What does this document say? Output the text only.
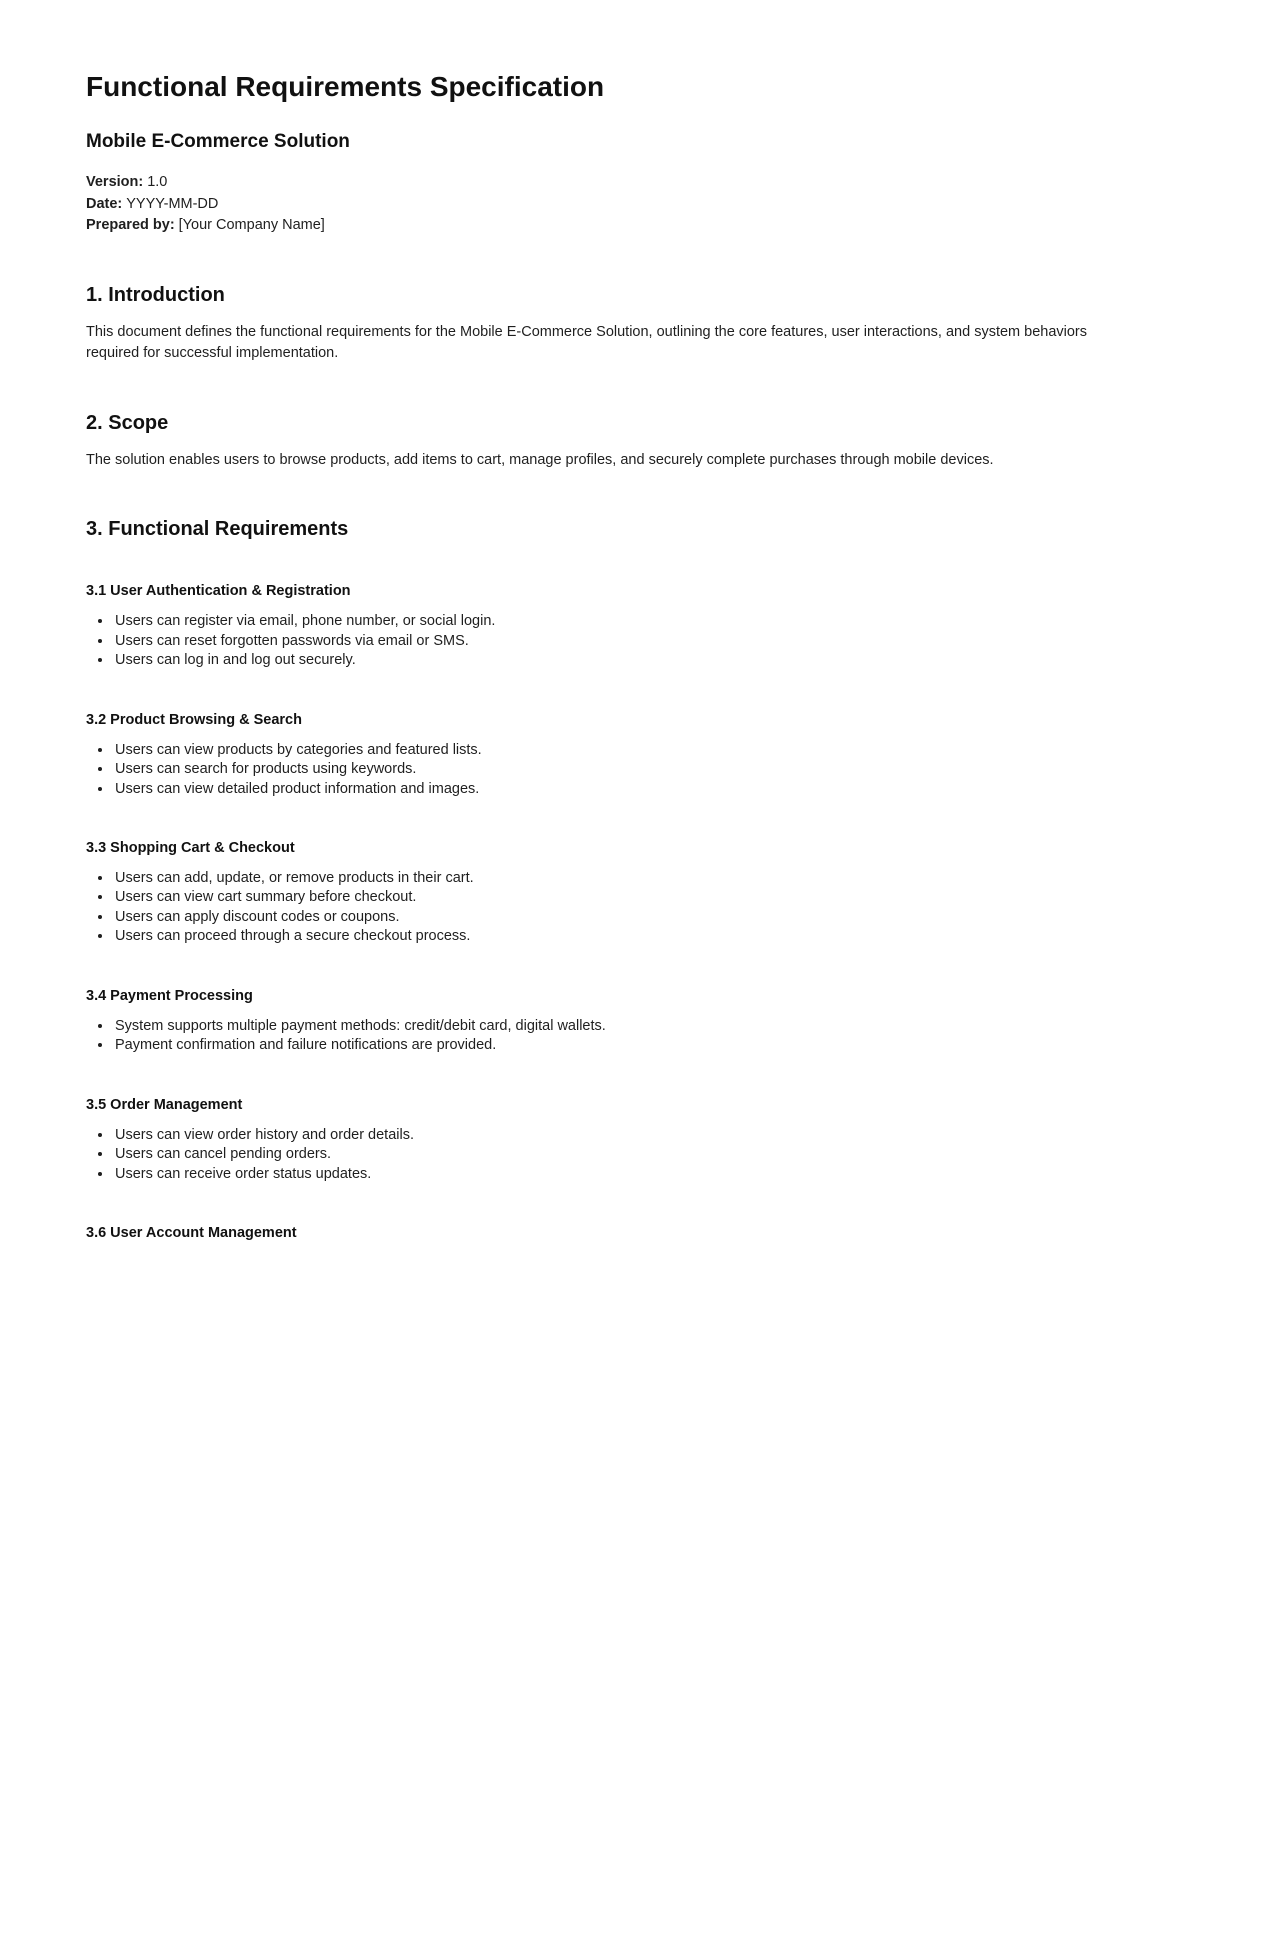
Functional Requirements Specification
Mobile E-Commerce Solution

Version: 1.0
Date: YYYY-MM-DD
Prepared by: [Your Company Name]

1. Introduction

This document defines the functional requirements for the Mobile E-Commerce Solution, outlining the core features, user interactions, and system behaviors required for successful implementation.

2. Scope

The solution enables users to browse products, add items to cart, manage profiles, and securely complete purchases through mobile devices.

3. Functional Requirements
3.1 User Authentication & Registration
• Users can register via email, phone number, or social login.
• Users can reset forgotten passwords via email or SMS.
• Users can log in and log out securely.
3.2 Product Browsing & Search
• Users can view products by categories and featured lists.
• Users can search for products using keywords.
• Users can view detailed product information and images.
3.3 Shopping Cart & Checkout
• Users can add, update, or remove products in their cart.
• Users can view cart summary before checkout.
• Users can apply discount codes or coupons.
• Users can proceed through a secure checkout process.
3.4 Payment Processing
• System supports multiple payment methods: credit/debit card, digital wallets.
• Payment confirmation and failure notifications are provided.
3.5 Order Management
• Users can view order history and order details.
• Users can cancel pending orders.
• Users can receive order status updates.
3.6 User Account Management
